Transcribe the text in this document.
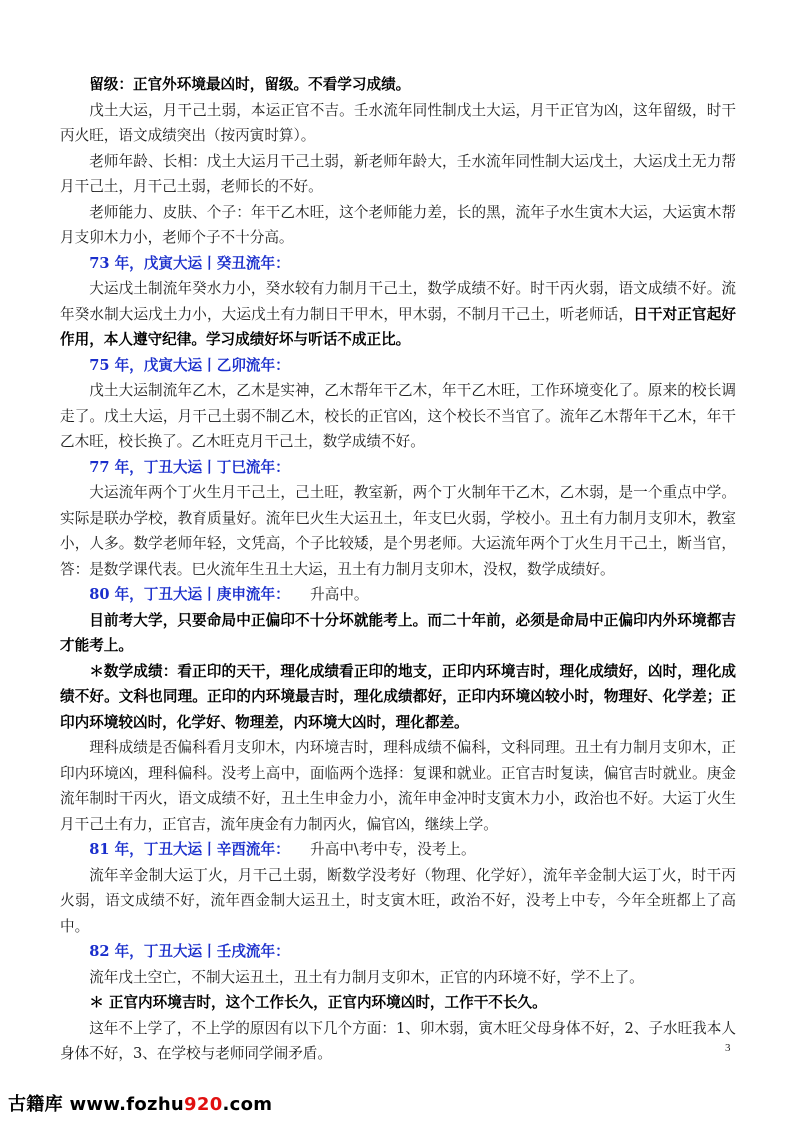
留级：正官外环境最凶时，留级。不看学习成绩。

戊土大运，月干己土弱，本运正官不吉。壬水流年同性制戊土大运，月干正官为凶，这年留级，时干丙火旺，语文成绩突出（按丙寅时算）。

老师年龄、长相：戊土大运月干己土弱，新老师年龄大，壬水流年同性制大运戊土，大运戊土无力帮月干己土，月干己土弱，老师长的不好。

老师能力、皮肤、个子：年干乙木旺，这个老师能力差，长的黑，流年子水生寅木大运，大运寅木帮月支卯木力小，老师个子不十分高。

73 年，戊寅大运丨癸丑流年：

大运戊土制流年癸水力小，癸水较有力制月干己土，数学成绩不好。时干丙火弱，语文成绩不好。流年癸水制大运戊土力小，大运戊土有力制日干甲木，甲木弱，不制月干己土，听老师话，日干对正官起好作用，本人遵守纪律。学习成绩好坏与听话不成正比。

75 年，戊寅大运丨乙卯流年：

戊土大运制流年乙木，乙木是实神，乙木帮年干乙木，年干乙木旺，工作环境变化了。原来的校长调走了。戊土大运，月干己土弱不制乙木，校长的正官凶，这个校长不当官了。流年乙木帮年干乙木，年干乙木旺，校长换了。乙木旺克月干己土，数学成绩不好。

77 年，丁丑大运丨丁巳流年：

大运流年两个丁火生月干己土，己土旺，教室新，两个丁火制年干乙木，乙木弱，是一个重点中学。实际是联办学校，教育质量好。流年巳火生大运丑土，年支巳火弱，学校小。丑土有力制月支卯木，教室小，人多。数学老师年轻，文凭高，个子比较矮，是个男老师。大运流年两个丁火生月干己土，断当官，答：是数学课代表。巳火流年生丑土大运，丑土有力制月支卯木，没权，数学成绩好。

80 年，丁丑大运丨庚申流年： 升高中。

目前考大学，只要命局中正偏印不十分坏就能考上。而二十年前，必须是命局中正偏印内外环境都吉才能考上。

＊数学成绩：看正印的天干，理化成绩看正印的地支，正印内环境吉时，理化成绩好，凶时，理化成绩不好。文科也同理。正印的内环境最吉时，理化成绩都好，正印内环境凶较小时，物理好、化学差；正印内环境较凶时，化学好、物理差，内环境大凶时，理化都差。

理科成绩是否偏科看月支卯木，内环境吉时，理科成绩不偏科，文科同理。丑土有力制月支卯木，正印内环境凶，理科偏科。没考上高中，面临两个选择：复课和就业。正官吉时复读，偏官吉时就业。庚金流年制时干丙火，语文成绩不好，丑土生申金力小，流年申金冲时支寅木力小，政治也不好。大运丁火生月干己土有力，正官吉，流年庚金有力制丙火，偏官凶，继续上学。

81 年，丁丑大运丨辛酉流年： 升高中\考中专，没考上。

流年辛金制大运丁火，月干己土弱，断数学没考好（物理、化学好），流年辛金制大运丁火，时干丙火弱，语文成绩不好，流年酉金制大运丑土，时支寅木旺，政治不好，没考上中专，今年全班都上了高中。

82 年，丁丑大运丨壬戌流年：

流年戊土空亡，不制大运丑土，丑土有力制月支卯木，正官的内环境不好，学不上了。

＊ 正官内环境吉时，这个工作长久，正官内环境凶时，工作干不长久。

这年不上学了，不上学的原因有以下几个方面：1、卯木弱，寅木旺父母身体不好，2、子水旺我本人身体不好，3、在学校与老师同学闹矛盾。	3
古籍库 www.fozhu920.com
